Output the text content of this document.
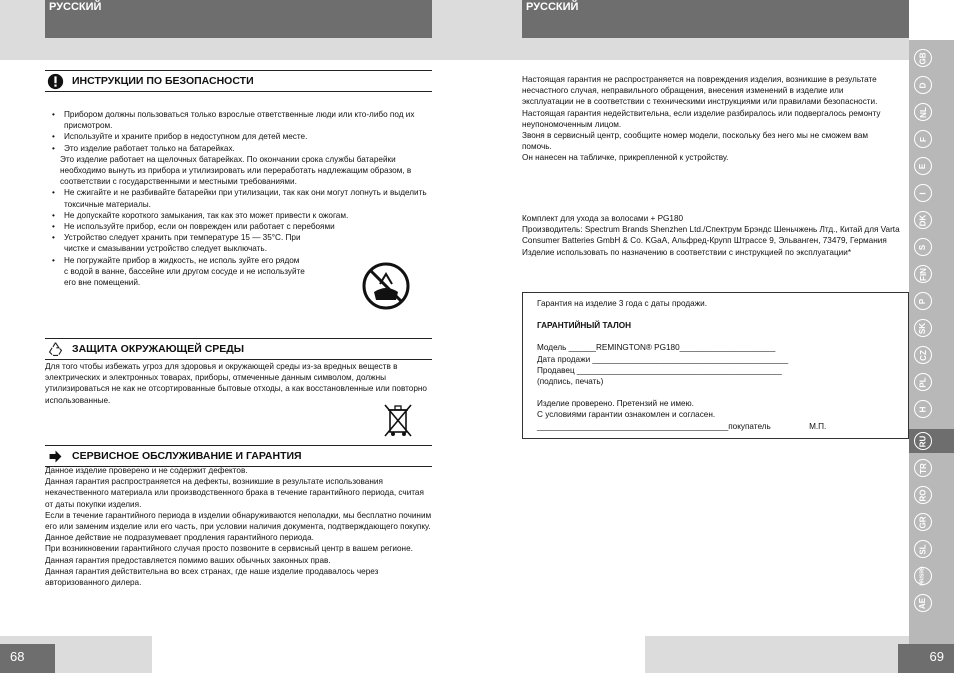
РУССКИЙ	РУССКИЙ
ИНСТРУКЦИИ ПО БЕЗОПАСНОСТИ
• Прибором должны пользоваться только взрослые ответственные люди или кто-либо под их присмотром.
• Используйте и храните прибор в недоступном для детей месте.
• Это изделие работает только на батарейках.
Это изделие работает на щелочных батарейках. По окончании срока службы батарейки необходимо вынуть из прибора и утилизировать или переработать надлежащим образом, в соответствии с государственными и местными требованиями.
• Не сжигайте и не разбивайте батарейки при утилизации, так как они могут лопнуть и выделить токсичные материалы.
• Не допускайте короткого замыкания, так как это может привести к ожогам.
• Не используйте прибор, если он поврежден или работает с перебоями
• Устройство следует хранить при температуре 15 — 35°C. При чистке и смазывании устройство следует выключать.
• Не погружайте прибор в жидкость, не исполь зуйте его рядом с водой в ванне, бассейне или другом сосуде и не используйте его вне помещений.
ЗАЩИТА ОКРУЖАЮЩЕЙ СРЕДЫ

Для того чтобы избежать угроз для здоровья и окружающей среды из-за вредных веществ в электрических и электронных товарах, приборы, отмеченные данным символом, должны утилизироваться не как не отсортированные бытовые отходы, а как восстановленные или повторно использованные.

СЕРВИСНОЕ ОБСЛУЖИВАНИЕ И ГАРАНТИЯ

Данное изделие проверено и не содержит дефектов.

Данная гарантия распространяется на дефекты, возникшие в результате использования некачественного материала или производственного брака в течение гарантийного периода, считая от даты покупки изделия.

Если в течение гарантийного периода в изделии обнаруживаются неполадки, мы бесплатно починим его или заменим изделие или его часть, при условии наличия документа, подтверждающего покупку.

Данное действие не подразумевает продления гарантийного периода.

При возникновении гарантийного случая просто позвоните в сервисный центр в вашем регионе.

Данная гарантия предоставляется помимо ваших обычных законных прав.

Данная гарантия действительна во всех странах, где наше изделие продавалось через авторизованного дилера.

Настоящая гарантия не распространяется на повреждения изделия, возникшие в результате несчастного случая, неправильного обращения, внесения изменений в изделие или эксплуатации не в соответствии с техническими инструкциями или правилами безопасности.

Настоящая гарантия недействительна, если изделие разбиралось или подвергалось ремонту неупономоченным лицом.

Звоня в сервисный центр, сообщите номер модели, поскольку без него мы не сможем вам помочь.

Он нанесен на табличке, прикрепленной к устройству.

Комплект для ухода за волосами + PG180

Производитель: Spectrum Brands Shenzhen Ltd./Спектрум Брэндс Шеньчжень Лтд., Китай для Varta Consumer Batteries GmbH & Co. KGaA, Альфред-Крупп Штрассе 9, Эльванген, 73479, Германия

Изделие использовать по назначению в соответствии с инструкцией по эксплуатации*

Гарантия на изделие 3 года с даты продажи.

ГАРАНТИЙНЫЙ ТАЛОН

Модель ______REMINGTON® PG180_____________________

Дата продажи ___________________________________________

Продавец _____________________________________________

(подпись, печать)

Изделие проверено. Претензий не имею.

С условиями гарантии ознакомлен и согласен.

__________________________________________покупатель	М.П.

GB
D
NL
F
E
I
DK
S
FIN
P
SK
CZ
PL
H
RU
TR
RO
GR
SL
HR/SRB
AE
68	69
